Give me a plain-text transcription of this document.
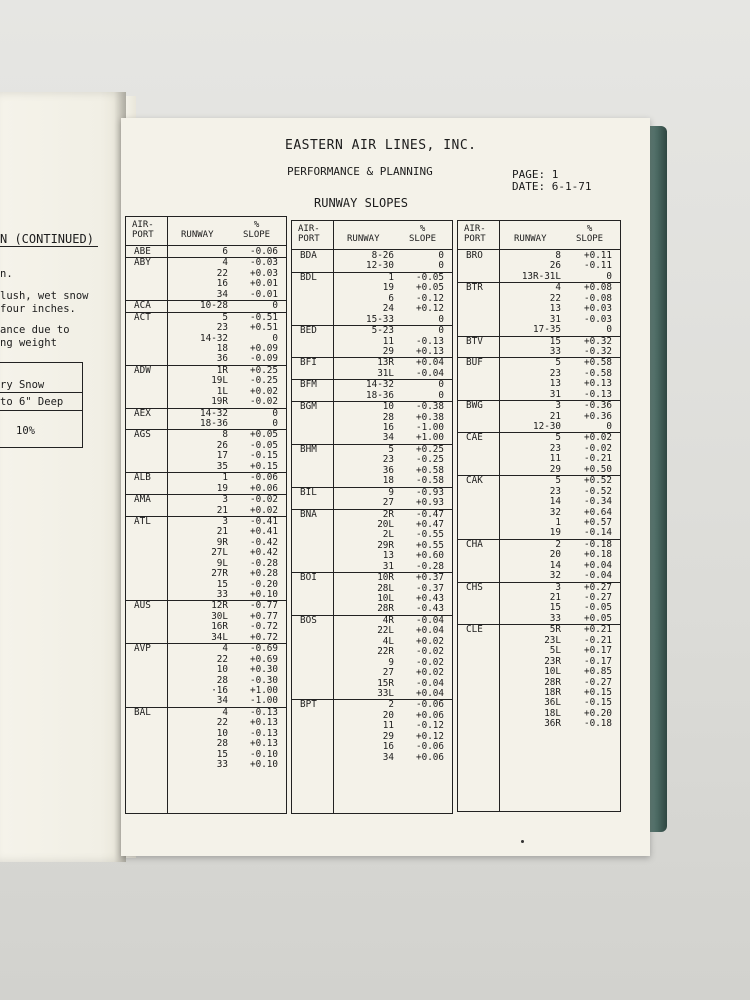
N (CONTINUED)
n.
lush, wet snow
four inches.
ance due to
ng weight
ry Snow
to 6" Deep
10%
EASTERN AIR LINES, INC.
PERFORMANCE & PLANNING	PAGE: 1
DATE: 6-1-71
RUNWAY SLOPES
AIR-
PORT	RUNWAY
%
SLOPE
ABE	6	-0.06
ABY	4	-0.03
22	+0.03
16	+0.01
34	-0.01
ACA	10-28	0
ACT	5	-0.51
23	+0.51
14-32	0
18	+0.09
36	-0.09
ADW	1R	+0.25
19L	-0.25
1L	+0.02
19R	-0.02
AEX	14-32	0
18-36	0
AGS	8	+0.05
26	-0.05
17	-0.15
35	+0.15
ALB	1	-0.06
19	+0.06
AMA	3	-0.02
21	+0.02
ATL	3	-0.41
21	+0.41
9R	-0.42
27L	+0.42
9L	-0.28
27R	+0.28
15	-0.20
33	+0.10
AUS	12R	-0.77
30L	+0.77
16R	-0.72
34L	+0.72
AVP	4	-0.69
22	+0.69
10	+0.30
28	-0.30
·16	+1.00
34	-1.00
BAL	4	-0.13
22	+0.13
10	-0.13
28	+0.13
15	-0.10
33	+0.10
AIR-
PORT	RUNWAY
%
SLOPE
BDA	8-26	0
12-30	0
BDL	1	-0.05
19	+0.05
6	-0.12
24	+0.12
15-33	0
BED	5-23	0
11	-0.13
29	+0.13
BFI	13R	+0.04
31L	-0.04
BFM	14-32	0
18-36	0
BGM	10	-0.38
28	+0.38
16	-1.00
34	+1.00
BHM	5	+0.25
23	-0.25
36	+0.58
18	-0.58
BIL	9	-0.93
27	+0.93
BNA	2R	-0.47
20L	+0.47
2L	-0.55
29R	+0.55
13	+0.60
31	-0.28
BOI	10R	+0.37
28L	-0.37
10L	+0.43
28R	-0.43
BOS	4R	-0.04
22L	+0.04
4L	+0.02
22R	-0.02
9	-0.02
27	+0.02
15R	-0.04
33L	+0.04
BPT	2	-0.06
20	+0.06
11	-0.12
29	+0.12
16	-0.06
34	+0.06
AIR-
PORT	RUNWAY
%
SLOPE
BRO	8	+0.11
26	-0.11
13R-31L	0
BTR	4	+0.08
22	-0.08
13	+0.03
31	-0.03
17-35	0
BTV	15	+0.32
33	-0.32
BUF	5	+0.58
23	-0.58
13	+0.13
31	-0.13
BWG	3	-0.36
21	+0.36
12-30	0
CAE	5	+0.02
23	-0.02
11	-0.21
29	+0.50
CAK	5	+0.52
23	-0.52
14	-0.34
32	+0.64
1	+0.57
19	-0.14
CHA	2	-0.18
20	+0.18
14	+0.04
32	-0.04
CHS	3	+0.27
21	-0.27
15	-0.05
33	+0.05
CLE	5R	+0.21
23L	-0.21
5L	+0.17
23R	-0.17
10L	+0.85
28R	-0.27
18R	+0.15
36L	-0.15
18L	+0.20
36R	-0.18
